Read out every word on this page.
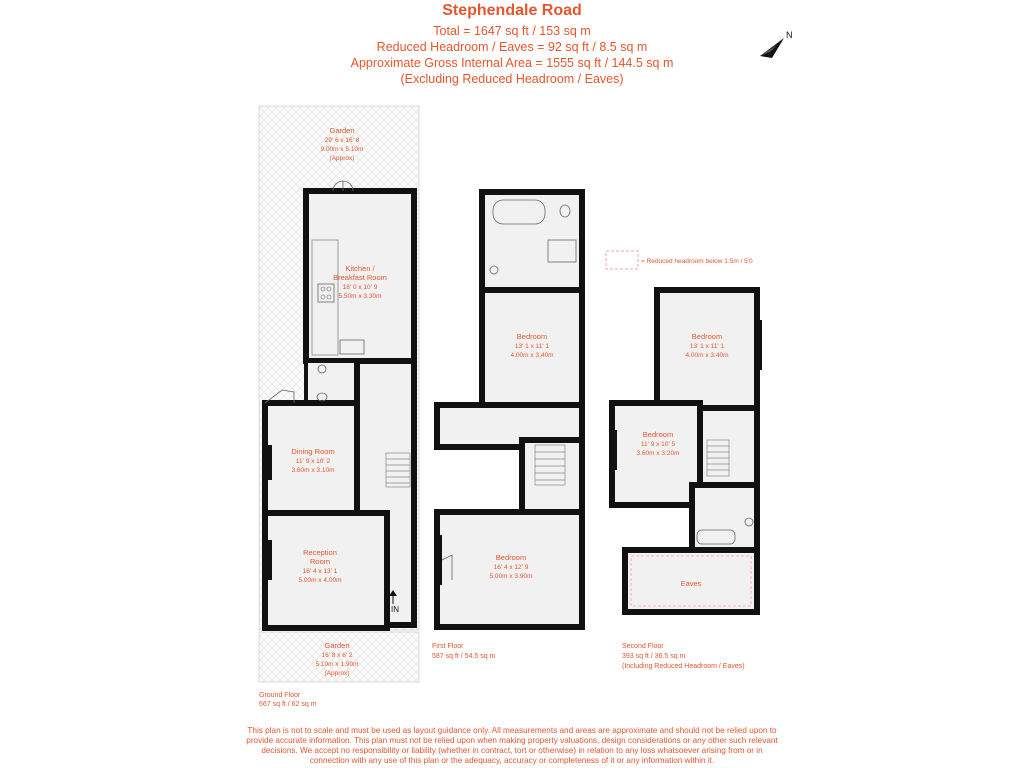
Stephendale Road
Total = 1647 sq ft / 153 sq m
Reduced Headroom / Eaves = 92 sq ft / 8.5 sq m
Approximate Gross Internal Area = 1555 sq ft / 144.5 sq m
(Excluding Reduced Headroom / Eaves)
N
= Reduced headroom below 1.5m / 5'0
IN
Garden
29' 6 x 16' 8
9.00m x 5.10m
(Approx)
Kitchen /
Breakfast Room
18' 0 x 10' 9
5.50m x 3.30m
Dining Room
11' 9 x 10' 2
3.60m x 3.10m
Reception
Room
16' 4 x 13' 1
5.00m x 4.00m
Garden
16' 8 x 6' 2
5.10m x 1.90m
(Approx)
Ground Floor
667 sq ft / 62 sq m
Bedroom
13' 1 x 11' 1
4.00m x 3.40m
Bedroom
16' 4 x 12' 9
5.00m x 3.90m
First Floor
587 sq ft / 54.5 sq m
Bedroom
13' 1 x 11' 1
4.00m x 3.40m
Bedroom
11' 9 x 10' 5
3.60m x 3.20m
Eaves
Second Floor
393 sq ft / 36.5 sq m
(Including Reduced Headroom / Eaves)
This plan is not to scale and must be used as layout guidance only. All measurements and areas are approximate and should not be relied upon to
provide accurate information. This plan must not be relied upon when making property valuations, design considerations or any other such relevant
decisions. We accept no responsibility or liability (whether in contract, tort or otherwise) in relation to any loss whatsoever arising from or in
connection with any use of this plan or the adequacy, accuracy or completeness of it or any information within it.
